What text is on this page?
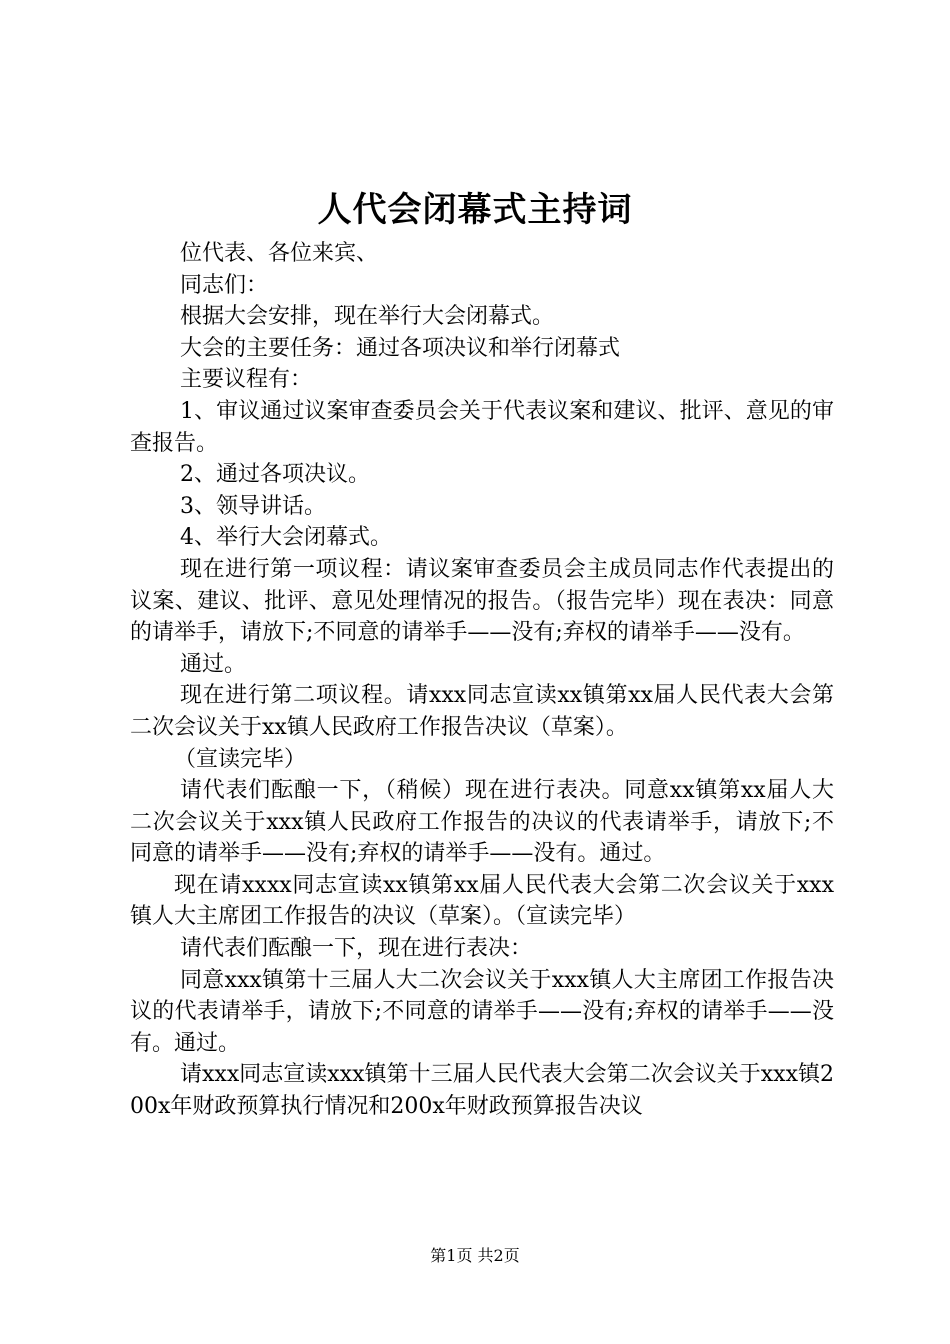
人代会闭幕式主持词

位代表、各位来宾、

同志们：

根据大会安排，现在举行大会闭幕式。

大会的主要任务：通过各项决议和举行闭幕式

主要议程有：

1、审议通过议案审查委员会关于代表议案和建议、批评、意见的审查报告。

2、通过各项决议。

3、领导讲话。

4、举行大会闭幕式。

现在进行第一项议程：请议案审查委员会主成员同志作代表提出的议案、建议、批评、意见处理情况的报告。（报告完毕）现在表决：同意的请举手，请放下;不同意的请举手——没有;弃权的请举手——没有。

通过。

现在进行第二项议程。请xxx同志宣读xx镇第xx届人民代表大会第二次会议关于xx镇人民政府工作报告决议（草案）。

（宣读完毕）

请代表们酝酿一下，（稍候）现在进行表决。同意xx镇第xx届人大二次会议关于xxx镇人民政府工作报告的决议的代表请举手，请放下;不同意的请举手——没有;弃权的请举手——没有。通过。

现在请xxxx同志宣读xx镇第xx届人民代表大会第二次会议关于xxx镇人大主席团工作报告的决议（草案）。（宣读完毕）

请代表们酝酿一下，现在进行表决：

同意xxx镇第十三届人大二次会议关于xxx镇人大主席团工作报告决议的代表请举手，请放下;不同意的请举手——没有;弃权的请举手——没有。通过。

请xxx同志宣读xxx镇第十三届人民代表大会第二次会议关于xxx镇200x年财政预算执行情况和200x年财政预算报告决议

第1页 共2页
